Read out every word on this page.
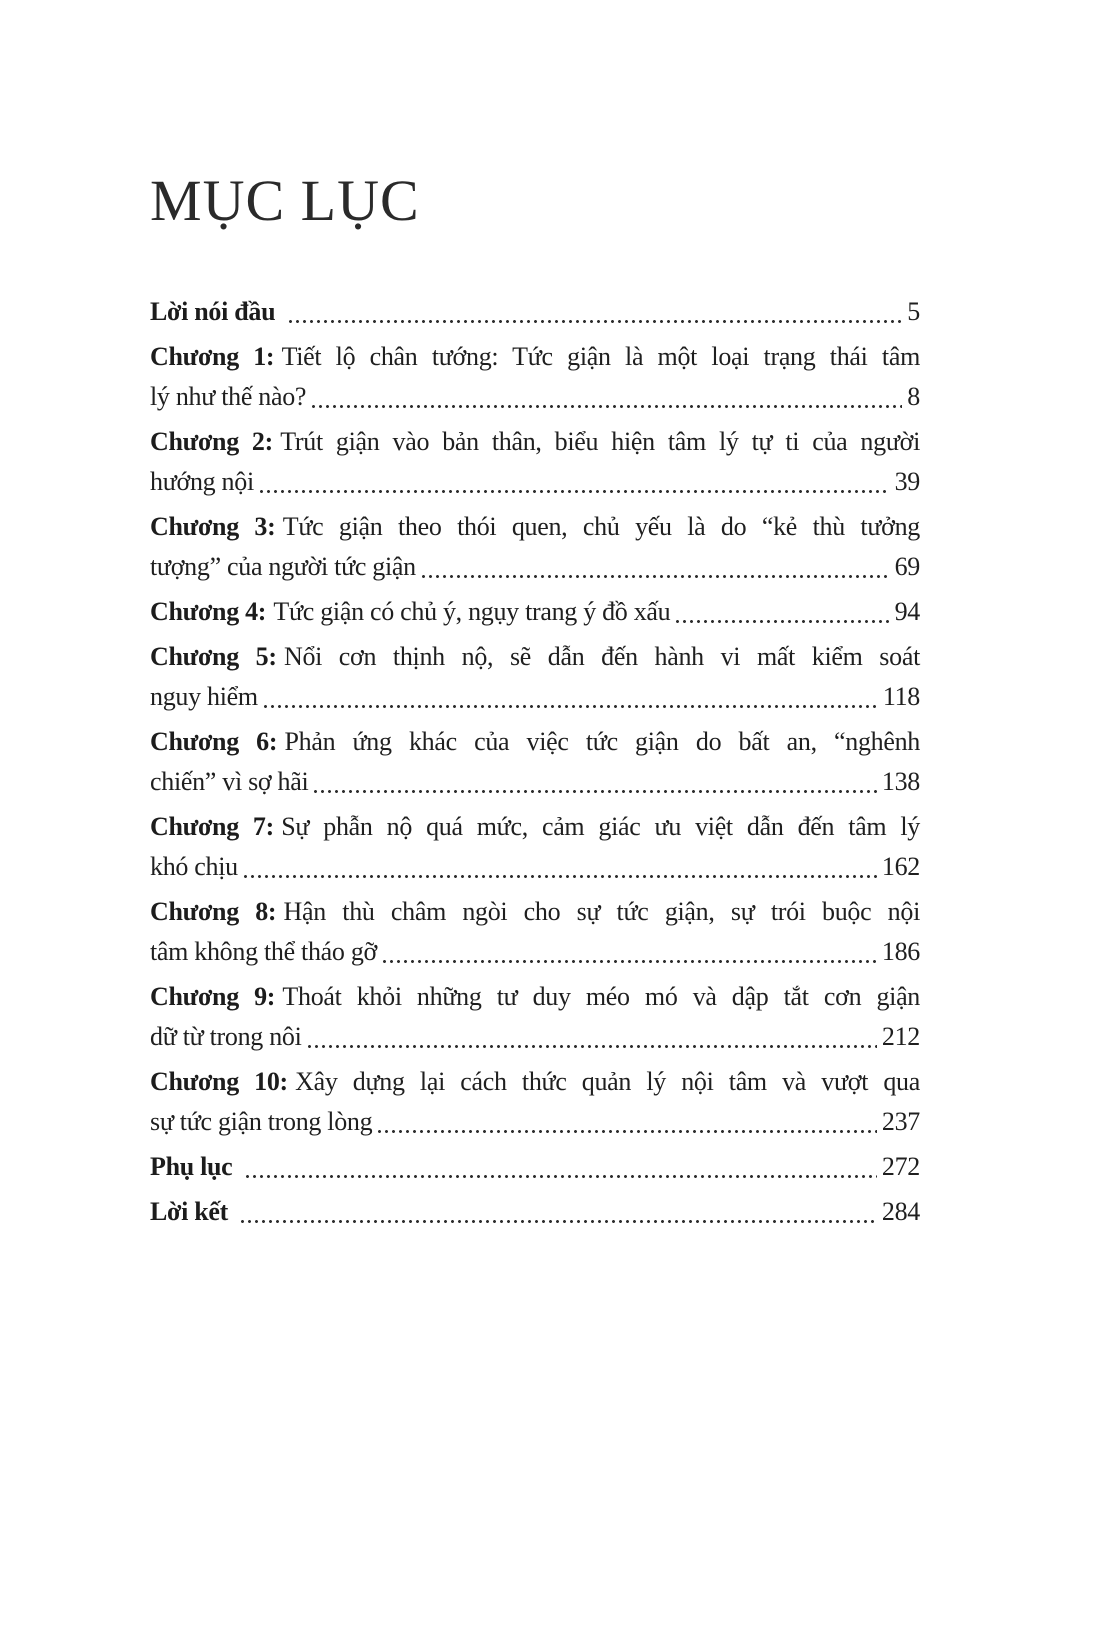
MỤC LỤC
Lời nói đầu	5
Chương 1: Tiết lộ chân tướng: Tức giận là một loại trạng thái tâm
lý như thế nào?	8
Chương 2: Trút giận vào bản thân, biểu hiện tâm lý tự ti của người
hướng nội	39
Chương 3: Tức giận theo thói quen, chủ yếu là do “kẻ thù tưởng
tượng” của người tức giận	69
Chương 4: Tức giận có chủ ý, ngụy trang ý đồ xấu	94
Chương 5: Nổi cơn thịnh nộ, sẽ dẫn đến hành vi mất kiểm soát
nguy hiểm	118
Chương 6: Phản ứng khác của việc tức giận do bất an, “nghênh
chiến” vì sợ hãi	138
Chương 7: Sự phẫn nộ quá mức, cảm giác ưu việt dẫn đến tâm lý
khó chịu	162
Chương 8: Hận thù châm ngòi cho sự tức giận, sự trói buộc nội
tâm không thể tháo gỡ	186
Chương 9: Thoát khỏi những tư duy méo mó và dập tắt cơn giận
dữ từ trong nôi	212
Chương 10: Xây dựng lại cách thức quản lý nội tâm và vượt qua
sự tức giận trong lòng	237
Phụ lục	272
Lời kết	284
